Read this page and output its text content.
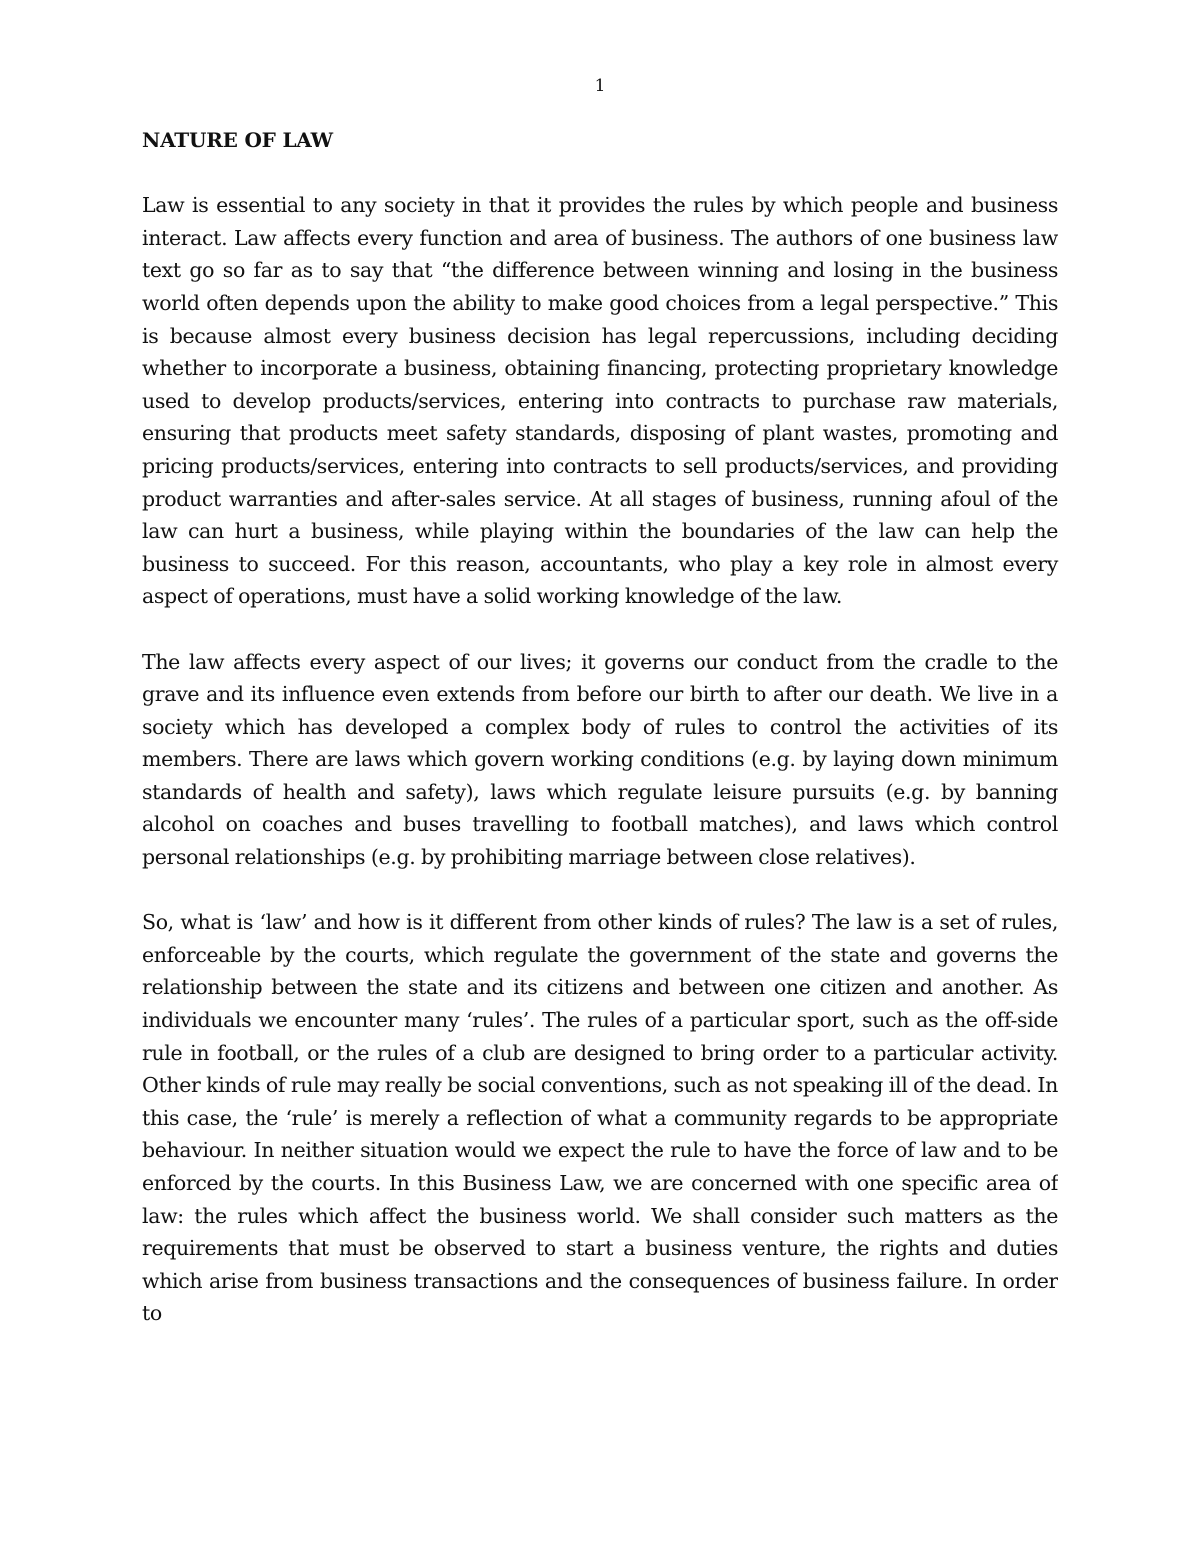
1
NATURE OF LAW

Law is essential to any society in that it provides the rules by which people and business interact. Law affects every function and area of business. The authors of one business law text go so far as to say that “the difference between winning and losing in the business world often depends upon the ability to make good choices from a legal perspective.” This is because almost every business decision has legal repercussions, including deciding whether to incorporate a business, obtaining financing, protecting proprietary knowledge used to develop products/services, entering into contracts to purchase raw materials, ensuring that products meet safety standards, disposing of plant wastes, promoting and pricing products/services, entering into contracts to sell products/services, and providing product warranties and after-sales service. At all stages of business, running afoul of the law can hurt a business, while playing within the boundaries of the law can help the business to succeed. For this reason, accountants, who play a key role in almost every aspect of operations, must have a solid working knowledge of the law.

The law affects every aspect of our lives; it governs our conduct from the cradle to the grave and its influence even extends from before our birth to after our death. We live in a society which has developed a complex body of rules to control the activities of its members. There are laws which govern working conditions (e.g. by laying down minimum standards of health and safety), laws which regulate leisure pursuits (e.g. by banning alcohol on coaches and buses travelling to football matches), and laws which control personal relationships (e.g. by prohibiting marriage between close relatives).

So, what is ‘law’ and how is it different from other kinds of rules? The law is a set of rules, enforceable by the courts, which regulate the government of the state and governs the relationship between the state and its citizens and between one citizen and another. As individuals we encounter many ‘rules’. The rules of a particular sport, such as the off-side rule in football, or the rules of a club are designed to bring order to a particular activity. Other kinds of rule may really be social conventions, such as not speaking ill of the dead. In this case, the ‘rule’ is merely a reflection of what a community regards to be appropriate behaviour. In neither situation would we expect the rule to have the force of law and to be enforced by the courts. In this Business Law, we are concerned with one specific area of law: the rules which affect the business world. We shall consider such matters as the requirements that must be observed to start a business venture, the rights and duties which arise from business transactions and the consequences of business failure. In order to
